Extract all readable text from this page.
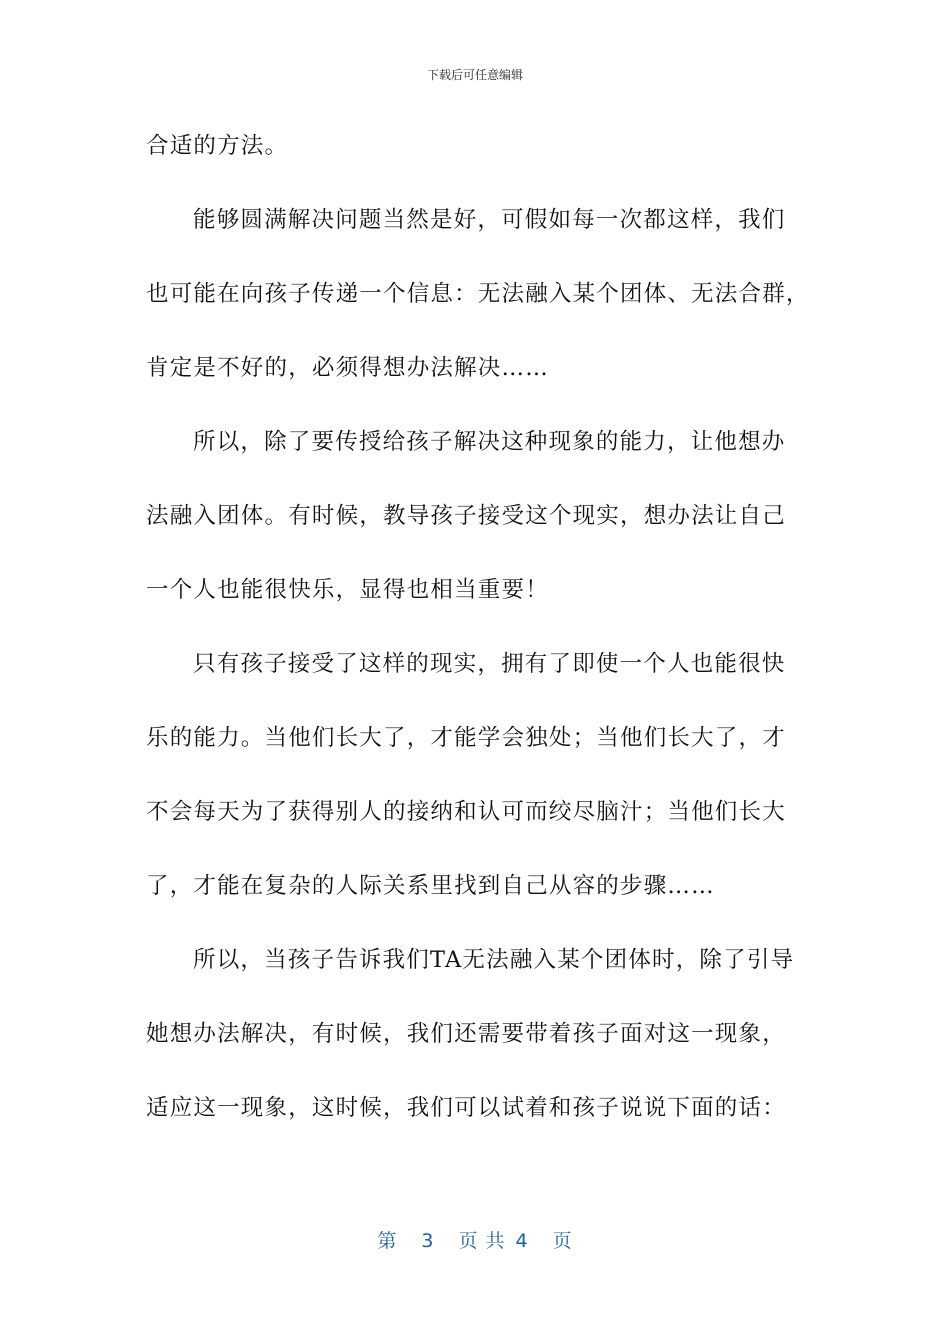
下载后可任意编辑
合适的方法。
能够圆满解决问题当然是好，可假如每一次都这样，我们
也可能在向孩子传递一个信息：无法融入某个团体、无法合群，
肯定是不好的，必须得想办法解决……
所以，除了要传授给孩子解决这种现象的能力，让他想办
法融入团体。有时候，教导孩子接受这个现实，想办法让自己
一个人也能很快乐，显得也相当重要！
只有孩子接受了这样的现实，拥有了即使一个人也能很快
乐的能力。当他们长大了，才能学会独处；当他们长大了，才
不会每天为了获得别人的接纳和认可而绞尽脑汁；当他们长大
了，才能在复杂的人际关系里找到自己从容的步骤……
所以，当孩子告诉我们TA无法融入某个团体时，除了引导
她想办法解决，有时候，我们还需要带着孩子面对这一现象，
适应这一现象，这时候，我们可以试着和孩子说说下面的话：
第 3 页 共 4 页
